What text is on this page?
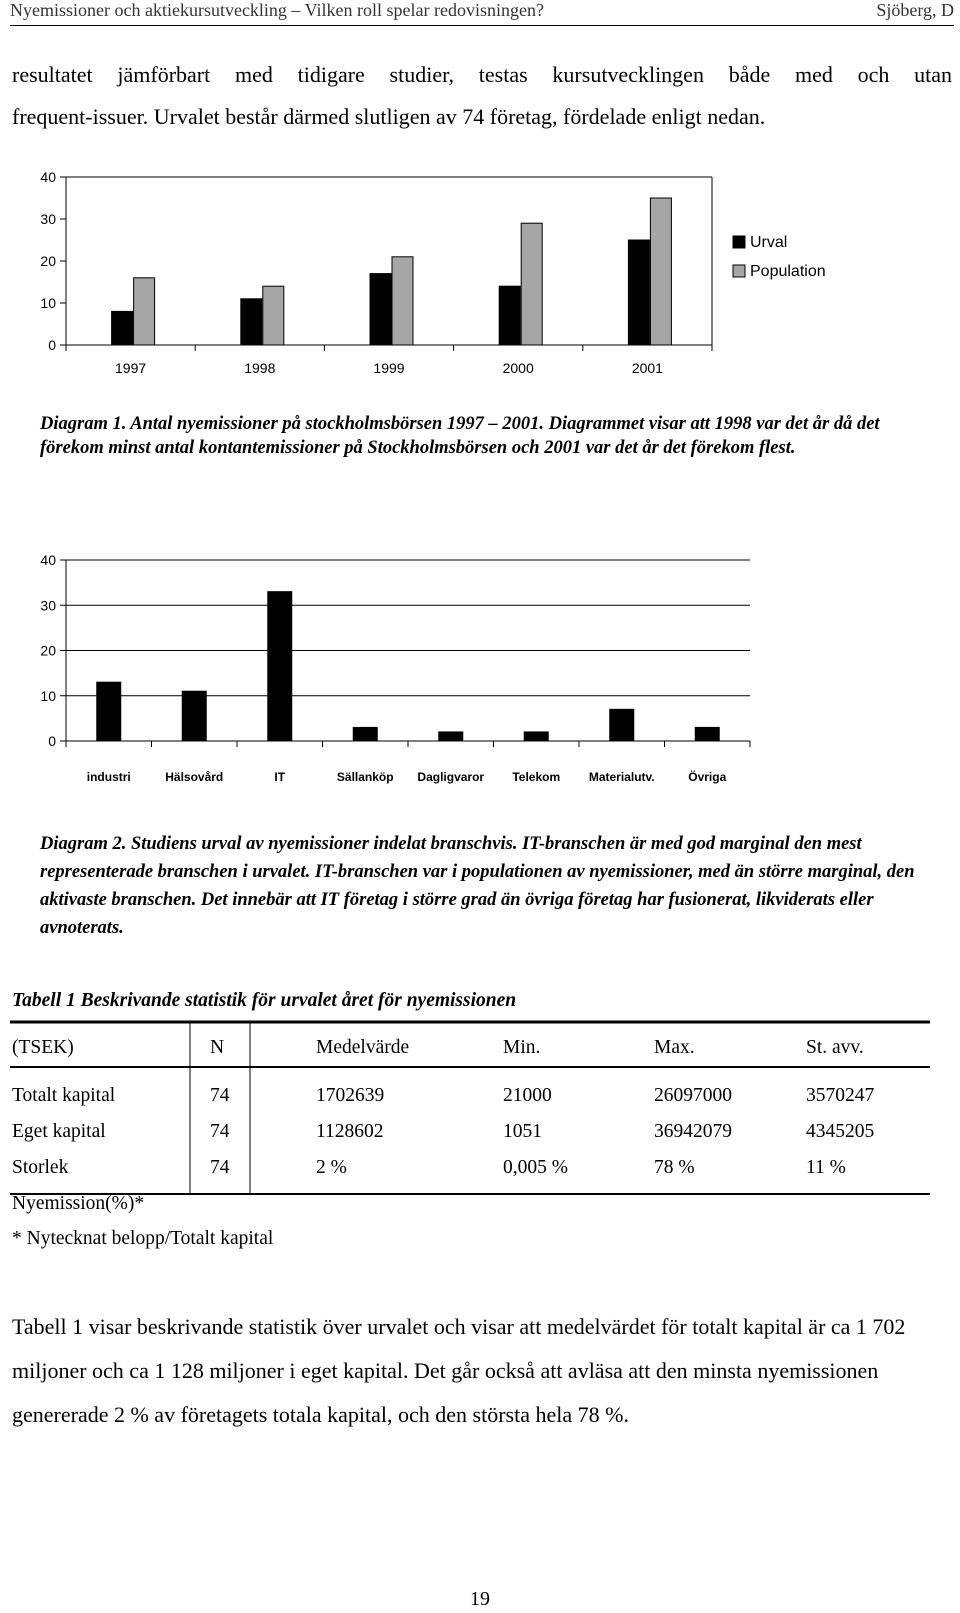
Nyemissioner och aktiekursutveckling – Vilken roll spelar redovisningen?	Sjöberg, D
resultatet jämförbart med tidigare studier, testas kursutvecklingen både med och utan
frequent-issuer. Urvalet består därmed slutligen av 74 företag, fördelade enligt nedan.
0
10
20
30
40
1997	1998	1999	2000	2001
Urval
Population
Diagram 1. Antal nyemissioner på stockholmsbörsen 1997 – 2001. Diagrammet visar att 1998 var det år då det förekom minst antal kontantemissioner på Stockholmsbörsen och 2001 var det år det förekom flest.
0
10
20
30
40
industri	Hälsovård	IT	Sällanköp Dagligvaror Telekom Materialutv.	Övriga
Diagram 2. Studiens urval av nyemissioner indelat branschvis. IT-branschen är med god marginal den mest representerade branschen i urvalet. IT-branschen var i populationen av nyemissioner, med än större marginal, den aktivaste branschen. Det innebär att IT företag i större grad än övriga företag har fusionerat, likviderats eller avnoterats.
Tabell 1 Beskrivande statistik för urvalet året för nyemissionen
(TSEK)	N	Medelvärde	Min.	Max.	St. avv.
Totalt kapital	74	1702639	21000	26097000	3570247
Eget kapital	74	1128602	1051	36942079	4345205
Storlek	74	2 %	0,005 %	78 %	11 %
Nyemission(%)*
* Nytecknat belopp/Totalt kapital
Tabell 1 visar beskrivande statistik över urvalet och visar att medelvärdet för totalt kapital är ca 1 702 miljoner och ca 1 128 miljoner i eget kapital. Det går också att avläsa att den minsta nyemissionen genererade 2 % av företagets totala kapital, och den största hela 78 %.
19
